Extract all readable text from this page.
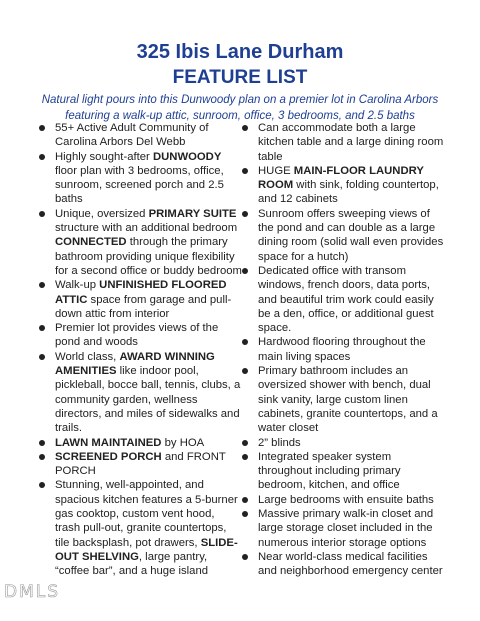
325 Ibis Lane Durham
FEATURE LIST
Natural light pours into this Dunwoody plan on a premier lot in Carolina Arbors featuring a walk-up attic, sunroom, office, 3 bedrooms, and 2.5 baths
55+ Active Adult Community of Carolina Arbors Del Webb
Highly sought-after DUNWOODY floor plan with 3 bedrooms, office, sunroom, screened porch and 2.5 baths
Unique, oversized PRIMARY SUITE structure with an additional bedroom CONNECTED through the primary bathroom providing unique flexibility for a second office or buddy bedroom
Walk-up UNFINISHED FLOORED ATTIC space from garage and pull-down attic from interior
Premier lot provides views of the pond and woods
World class, AWARD WINNING AMENITIES like indoor pool, pickleball, bocce ball, tennis, clubs, a community garden, wellness directors, and miles of sidewalks and trails.
LAWN MAINTAINED by HOA
SCREENED PORCH and FRONT PORCH
Stunning, well-appointed, and spacious kitchen features a 5-burner gas cooktop, custom vent hood, trash pull-out, granite countertops, tile backsplash, pot drawers, SLIDE-OUT SHELVING, large pantry, “coffee bar”, and a huge island
Can accommodate both a large kitchen table and a large dining room table
HUGE MAIN-FLOOR LAUNDRY ROOM with sink, folding countertop, and 12 cabinets
Sunroom offers sweeping views of the pond and can double as a large dining room (solid wall even provides space for a hutch)
Dedicated office with transom windows, french doors, data ports, and beautiful trim work could easily be a den, office, or additional guest space.
Hardwood flooring throughout the main living spaces
Primary bathroom includes an oversized shower with bench, dual sink vanity, large custom linen cabinets, granite countertops, and a water closet
2” blinds
Integrated speaker system throughout including primary bedroom, kitchen, and office
Large bedrooms with ensuite baths
Massive primary walk-in closet and large storage closet included in the numerous interior storage options
Near world-class medical facilities and neighborhood emergency center
DMLS
